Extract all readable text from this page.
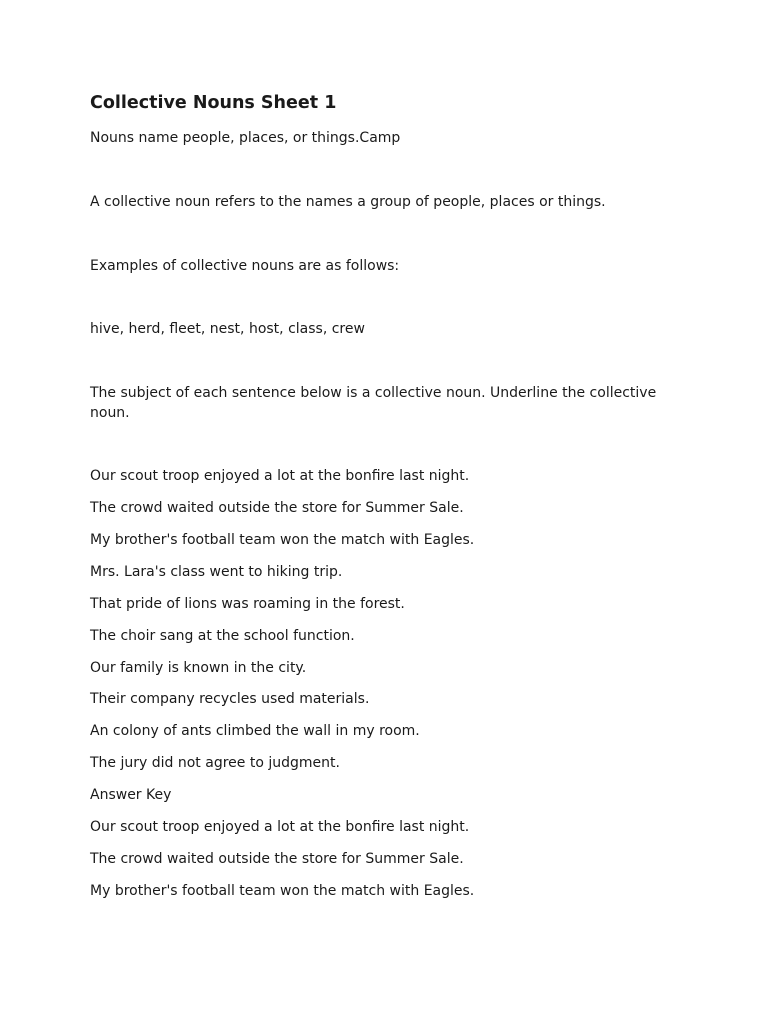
Collective Nouns Sheet 1

Nouns name people, places, or things.Camp

A collective noun refers to the names a group of people, places or things.

Examples of collective nouns are as follows:

hive, herd, fleet, nest, host, class, crew

The subject of each sentence below is a collective noun. Underline the collective noun.

Our scout troop enjoyed a lot at the bonfire last night.

The crowd waited outside the store for Summer Sale.

My brother's football team won the match with Eagles.

Mrs. Lara's class went to hiking trip.

That pride of lions was roaming in the forest.

The choir sang at the school function.

Our family is known in the city.

Their company recycles used materials.

An colony of ants climbed the wall in my room.

The jury did not agree to judgment.

Answer Key

Our scout troop enjoyed a lot at the bonfire last night.

The crowd waited outside the store for Summer Sale.

My brother's football team won the match with Eagles.
